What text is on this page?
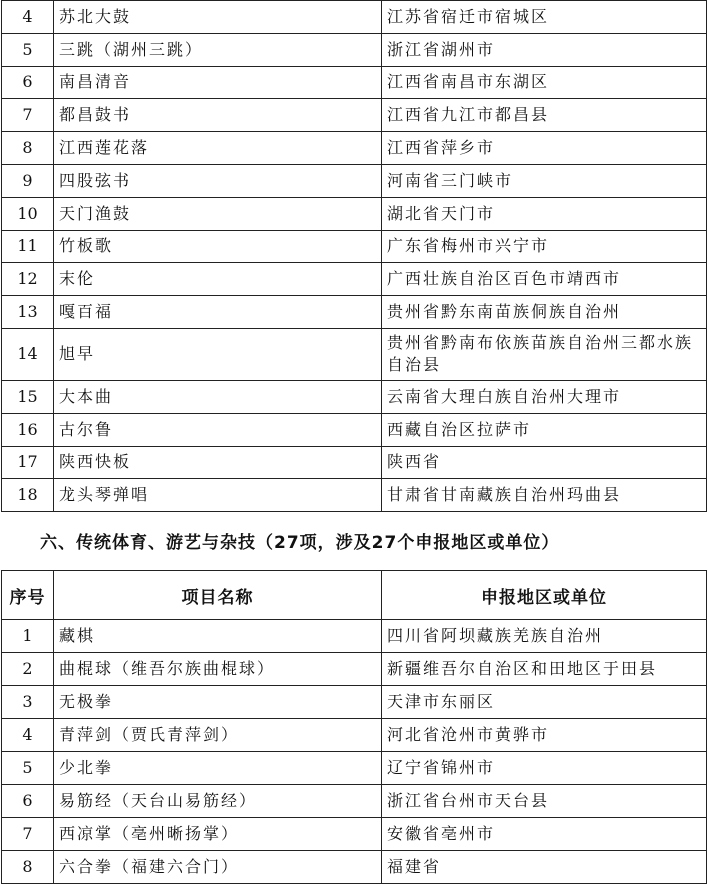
4	苏北大鼓	江苏省宿迁市宿城区
5	三跳（湖州三跳）	浙江省湖州市
6	南昌清音	江西省南昌市东湖区
7	都昌鼓书	江西省九江市都昌县
8	江西莲花落	江西省萍乡市
9	四股弦书	河南省三门峡市
10	天门渔鼓	湖北省天门市
11	竹板歌	广东省梅州市兴宁市
12	末伦	广西壮族自治区百色市靖西市
13	嘎百福	贵州省黔东南苗族侗族自治州
14	旭早	贵州省黔南布依族苗族自治州三都水族自治县
15	大本曲	云南省大理白族自治州大理市
16	古尔鲁	西藏自治区拉萨市
17	陕西快板	陕西省
18	龙头琴弹唱	甘肃省甘南藏族自治州玛曲县
六、传统体育、游艺与杂技（27项，涉及27个申报地区或单位）
序号	项目名称	申报地区或单位
1	藏棋	四川省阿坝藏族羌族自治州
2	曲棍球（维吾尔族曲棍球）	新疆维吾尔自治区和田地区于田县
3	无极拳	天津市东丽区
4	青萍剑（贾氏青萍剑）	河北省沧州市黄骅市
5	少北拳	辽宁省锦州市
6	易筋经（天台山易筋经）	浙江省台州市天台县
7	西凉掌（亳州晰扬掌）	安徽省亳州市
8	六合拳（福建六合门）	福建省
